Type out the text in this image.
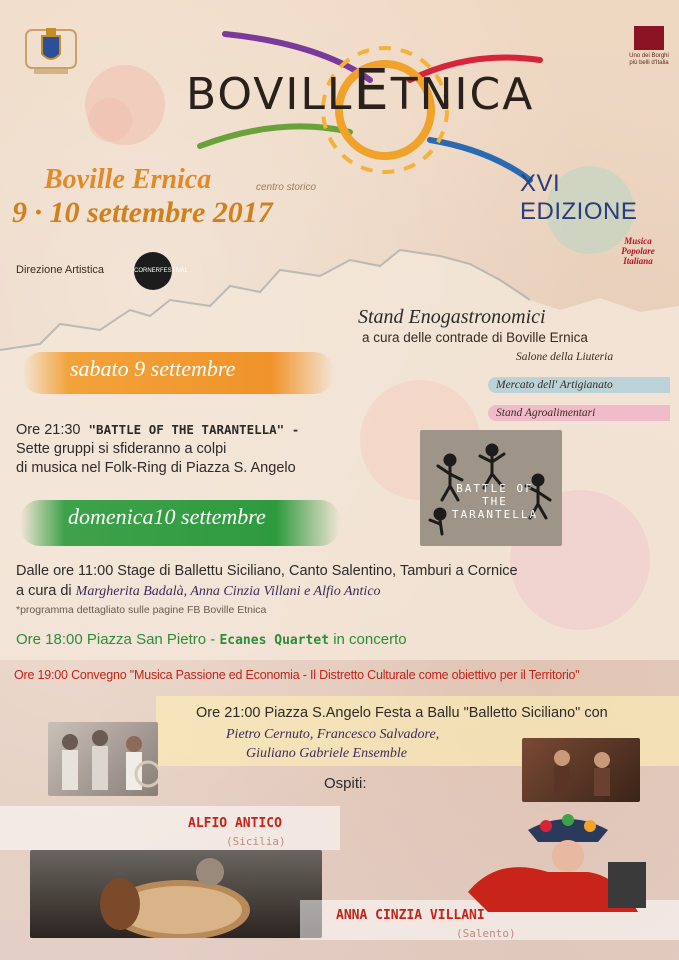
Uno dei Borghi più belli d'Italia
BOVILLETNICA
XVI EDIZIONE
Boville Ernica	centro storico
9 · 10 settembre 2017
Direzione Artistica	CORNERFESTIVAL
Musica
Popolare
Italiana
Stand Enogastronomici
a cura delle contrade di Boville Ernica
Salone della Liuteria
Mercato dell' Artigianato
Stand Agroalimentari
sabato 9 settembre
Ore 21:30 "BATTLE OF THE TARANTELLA" -
Sette gruppi si sfideranno a colpi
di musica nel Folk-Ring di Piazza S. Angelo
BATTLE OF THE TARANTELLA
domenica10 settembre
Dalle ore 11:00 Stage di Ballettu Siciliano, Canto Salentino, Tamburi a Cornice
a cura di Margherita Badalà, Anna Cinzia Villani e Alfio Antico
*programma dettagliato sulle pagine FB Boville Etnica
Ore 18:00 Piazza San Pietro - Ecanes Quartet in concerto
Ore 19:00 Convegno "Musica Passione ed Economia - Il Distretto Culturale come obiettivo per il Territorio"
Ore 21:00 Piazza S.Angelo Festa a Ballu "Balletto Siciliano" con
Pietro Cernuto, Francesco Salvadore,
Giuliano Gabriele Ensemble
Ospiti:
ALFIO ANTICO
(Sicilia)
ANNA CINZIA VILLANI
(Salento)
